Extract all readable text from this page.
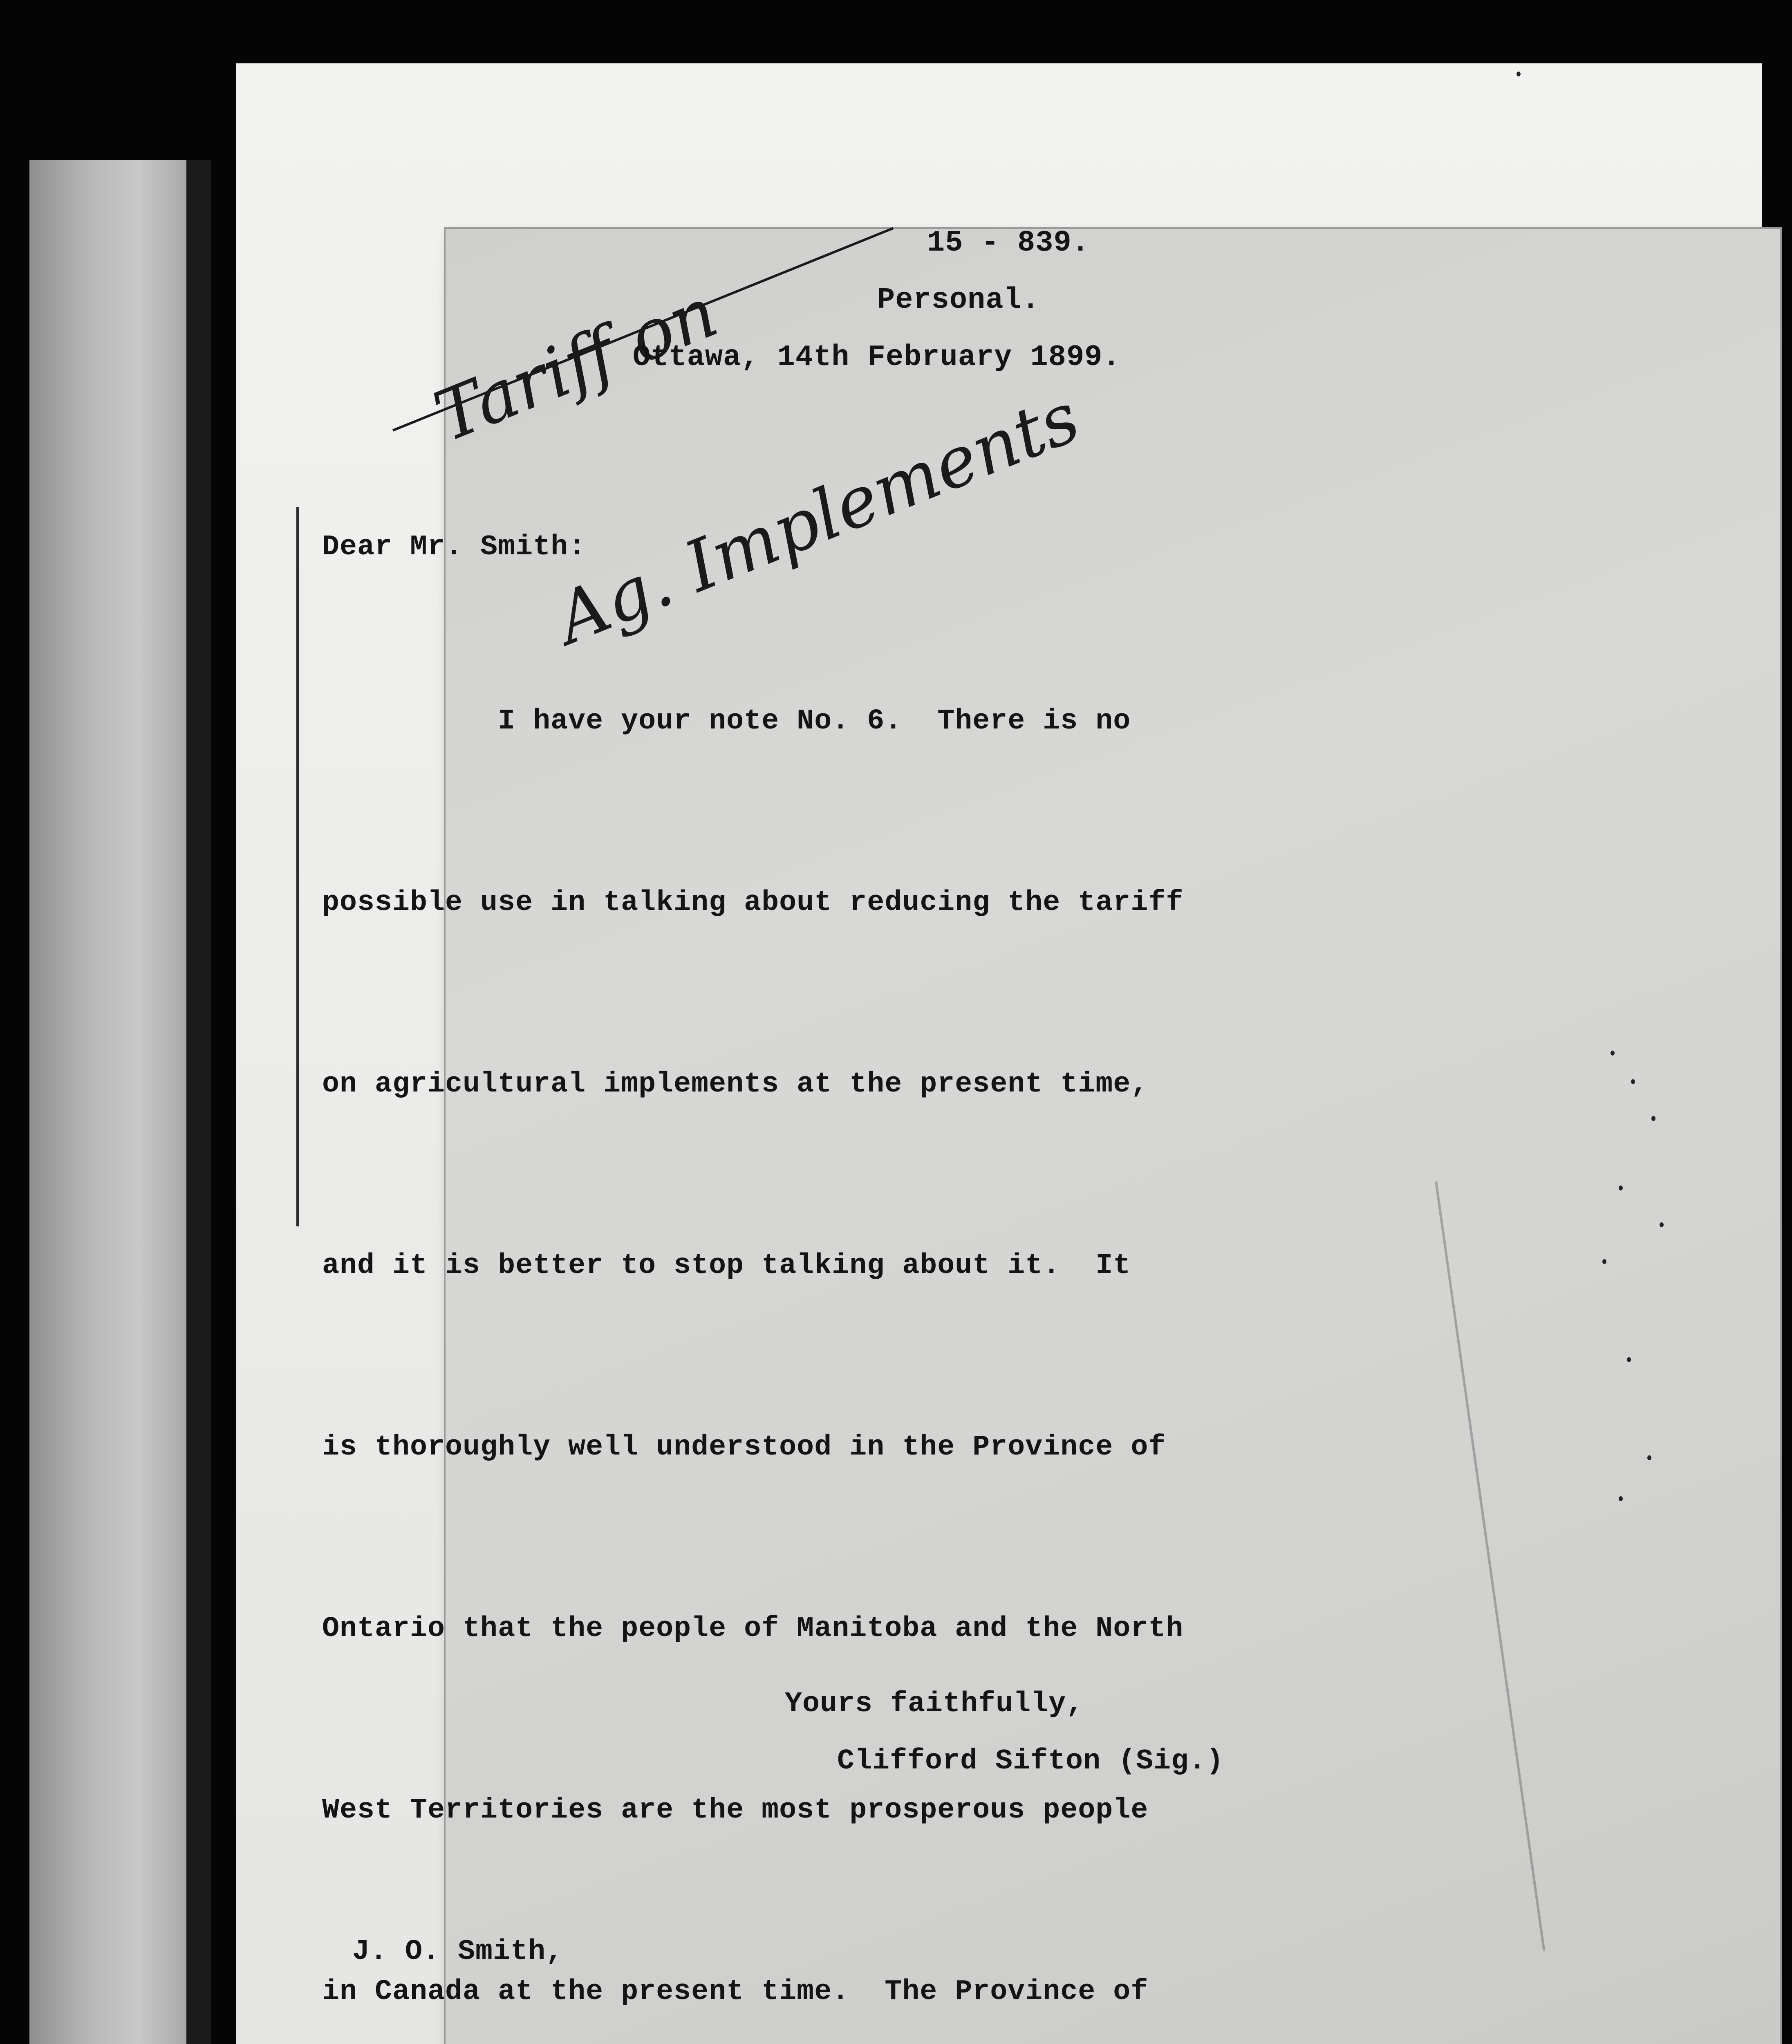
Tariff on

Ag. Implements

15 - 839.
Personal.
Ottawa, 14th February 1899.
Dear Mr. Smith:

I have your note No. 6.  There is no

possible use in talking about reducing the tariff

on agricultural implements at the present time,

and it is better to stop talking about it.  It

is thoroughly well understood in the Province of

Ontario that the people of Manitoba and the North

West Territories are the most prosperous people

in Canada at the present time.  The Province of

Yours faithfully,
Clifford Sifton (Sig.)

J. O. Smith,
